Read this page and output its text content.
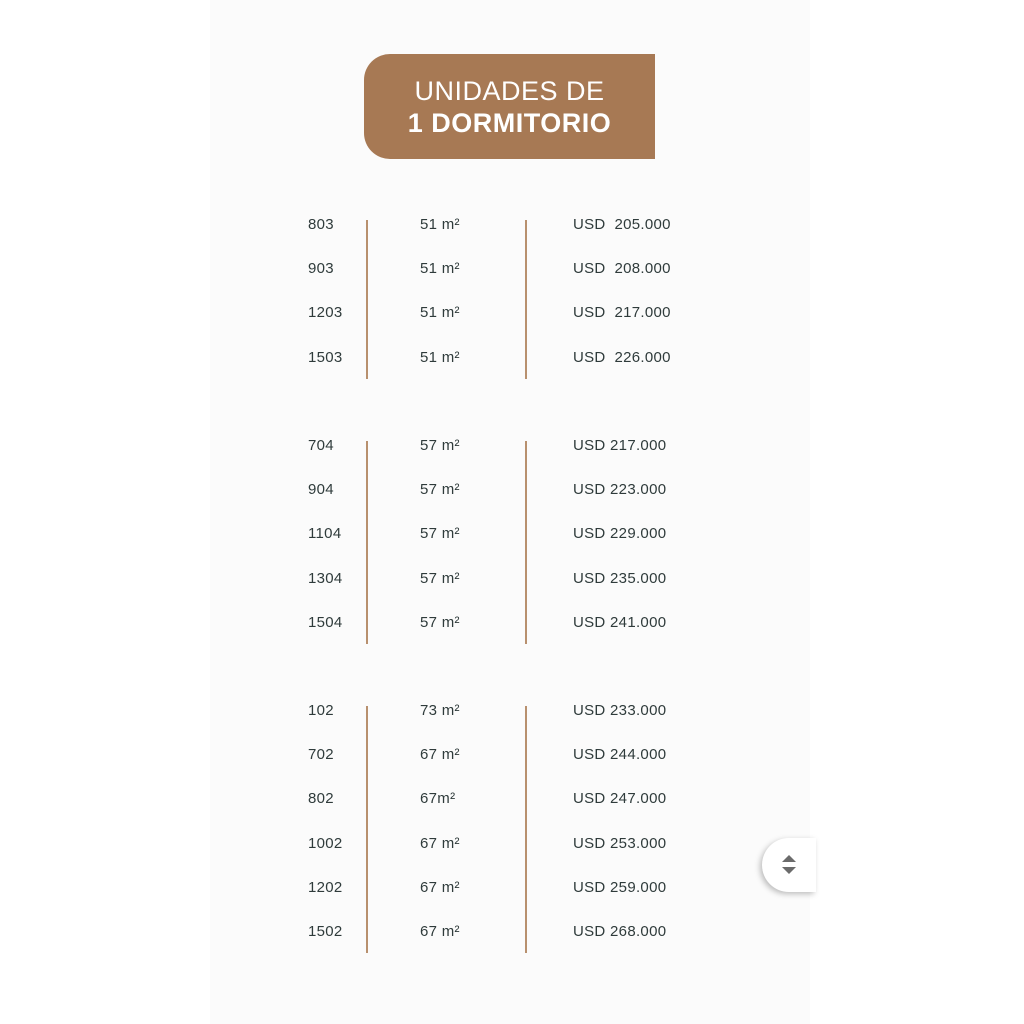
UNIDADES DE
1 DORMITORIO
803	51 m²	USD  205.000
903	51 m²	USD  208.000
1203	51 m²	USD  217.000
1503	51 m²	USD  226.000
704	57 m²	USD 217.000
904	57 m²	USD 223.000
1104	57 m²	USD 229.000
1304	57 m²	USD 235.000
1504	57 m²	USD 241.000
102	73 m²	USD 233.000
702	67 m²	USD 244.000
802	67m²	USD 247.000
1002	67 m²	USD 253.000
1202	67 m²	USD 259.000
1502	67 m²	USD 268.000
